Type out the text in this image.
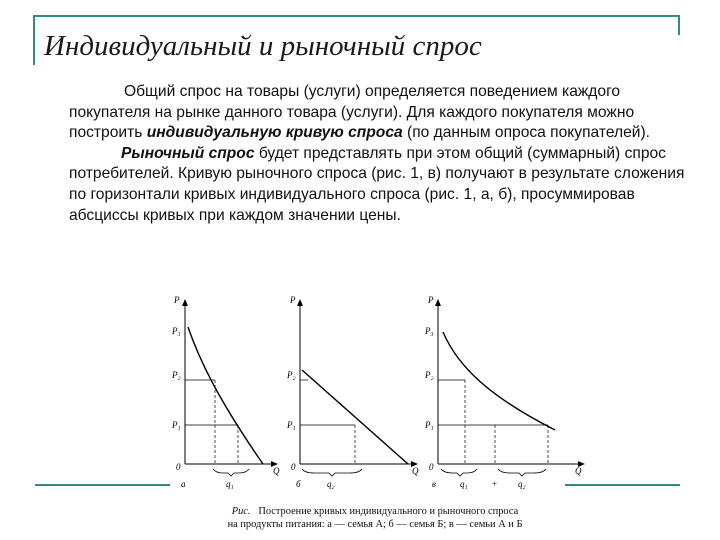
Индивидуальный и рыночный спрос

Общий спрос на товары (услуги) определяется поведением каждого покупателя на рынке данного товара (услуги). Для каждого покупателя можно построить индивидуальную кривую спроса (по данным опроса покупателей).

Рыночный спрос будет представлять при этом общий (суммарный) спрос потребителей. Кривую рыночного спроса (рис. 1, в) получают в результате сложения по горизонтали кривых индивидуального спроса (рис. 1, а, б), просуммировав абсциссы кривых при каждом значении цены.

P
Q
0
P₁
P₂
P₁
а	q₁
P
Q
0
P₂
P₁
б	q₂
P
Q
0
P₃
P₂
P₁
в	q₁	+ q₂
Рис. Построение кривых индивидуального и рыночного спроса
на продукты питания: а — семья А; б — семья Б; в — семьи А и Б
